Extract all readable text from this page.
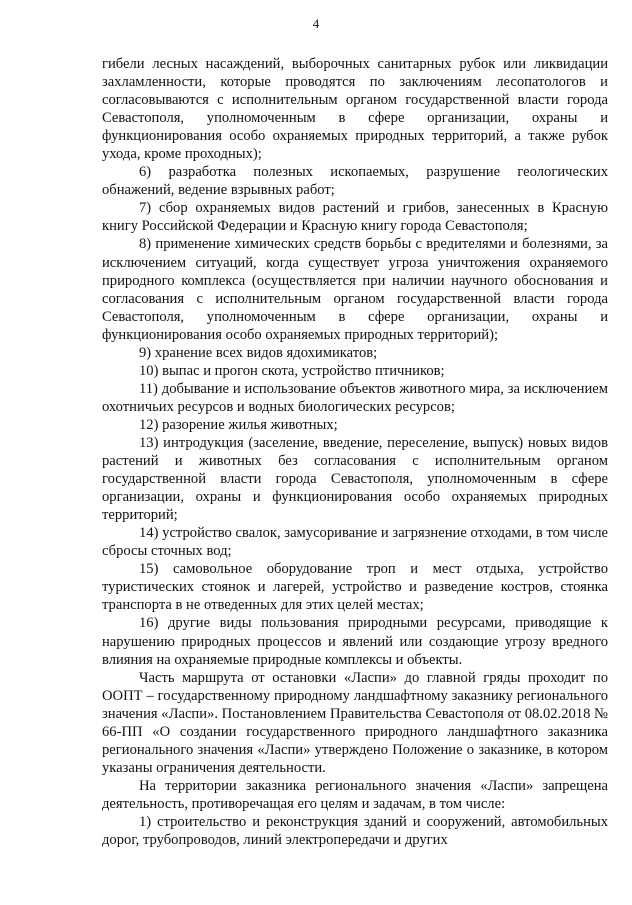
4

гибели лесных насаждений, выборочных санитарных рубок или ликвидации захламленности, которые проводятся по заключениям лесопатологов и согласовываются с исполнительным органом государственной власти города Севастополя, уполномоченным в сфере организации, охраны и функционирования особо охраняемых природных территорий, а также рубок ухода, кроме проходных);

6) разработка полезных ископаемых, разрушение геологических обнажений, ведение взрывных работ;

7) сбор охраняемых видов растений и грибов, занесенных в Красную книгу Российской Федерации и Красную книгу города Севастополя;

8) применение химических средств борьбы с вредителями и болезнями, за исключением ситуаций, когда существует угроза уничтожения охраняемого природного комплекса (осуществляется при наличии научного обоснования и согласования с исполнительным органом государственной власти города Севастополя, уполномоченным в сфере организации, охраны и функционирования особо охраняемых природных территорий);

9) хранение всех видов ядохимикатов;

10) выпас и прогон скота, устройство птичников;

11) добывание и использование объектов животного мира, за исключением охотничьих ресурсов и водных биологических ресурсов;

12) разорение жилья животных;

13) интродукция (заселение, введение, переселение, выпуск) новых видов растений и животных без согласования с исполнительным органом государственной власти города Севастополя, уполномоченным в сфере организации, охраны и функционирования особо охраняемых природных территорий;

14) устройство свалок, замусоривание и загрязнение отходами, в том числе сбросы сточных вод;

15) самовольное оборудование троп и мест отдыха, устройство туристических стоянок и лагерей, устройство и разведение костров, стоянка транспорта в не отведенных для этих целей местах;

16) другие виды пользования природными ресурсами, приводящие к нарушению природных процессов и явлений или создающие угрозу вредного влияния на охраняемые природные комплексы и объекты.

Часть маршрута от остановки «Ласпи» до главной гряды проходит по ООПТ – государственному природному ландшафтному заказнику регионального значения «Ласпи». Постановлением Правительства Севастополя от 08.02.2018 № 66-ПП «О создании государственного природного ландшафтного заказника регионального значения «Ласпи» утверждено Положение о заказнике, в котором указаны ограничения деятельности.

На территории заказника регионального значения «Ласпи» запрещена деятельность, противоречащая его целям и задачам, в том числе:

1) строительство и реконструкция зданий и сооружений, автомобильных дорог, трубопроводов, линий электропередачи и других
